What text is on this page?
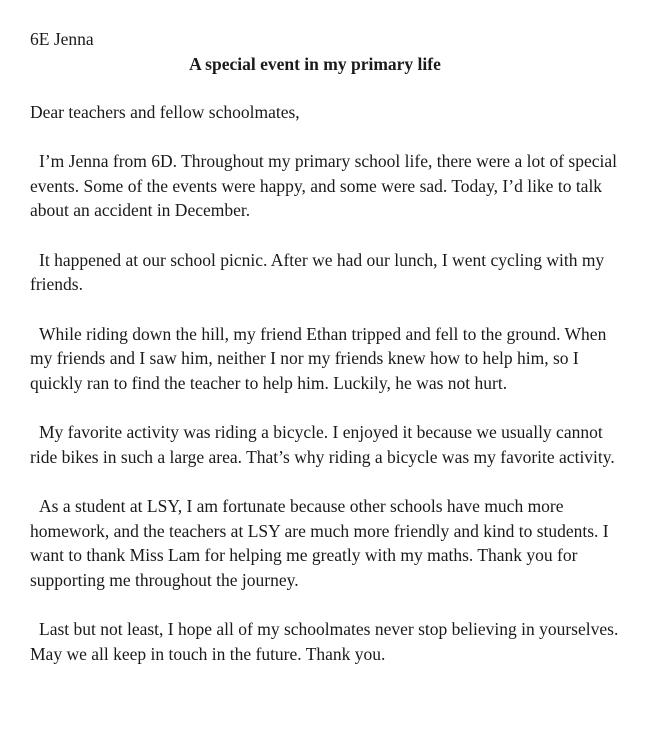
6E Jenna

A special event in my primary life

Dear teachers and fellow schoolmates,

I’m Jenna from 6D. Throughout my primary school life, there were a lot of special events. Some of the events were happy, and some were sad. Today, I’d like to talk about an accident in December.

It happened at our school picnic. After we had our lunch, I went cycling with my friends.

While riding down the hill, my friend Ethan tripped and fell to the ground. When my friends and I saw him, neither I nor my friends knew how to help him, so I quickly ran to find the teacher to help him. Luckily, he was not hurt.

My favorite activity was riding a bicycle. I enjoyed it because we usually cannot ride bikes in such a large area. That’s why riding a bicycle was my favorite activity.

As a student at LSY, I am fortunate because other schools have much more homework, and the teachers at LSY are much more friendly and kind to students. I want to thank Miss Lam for helping me greatly with my maths. Thank you for supporting me throughout the journey.

Last but not least, I hope all of my schoolmates never stop believing in yourselves. May we all keep in touch in the future. Thank you.
